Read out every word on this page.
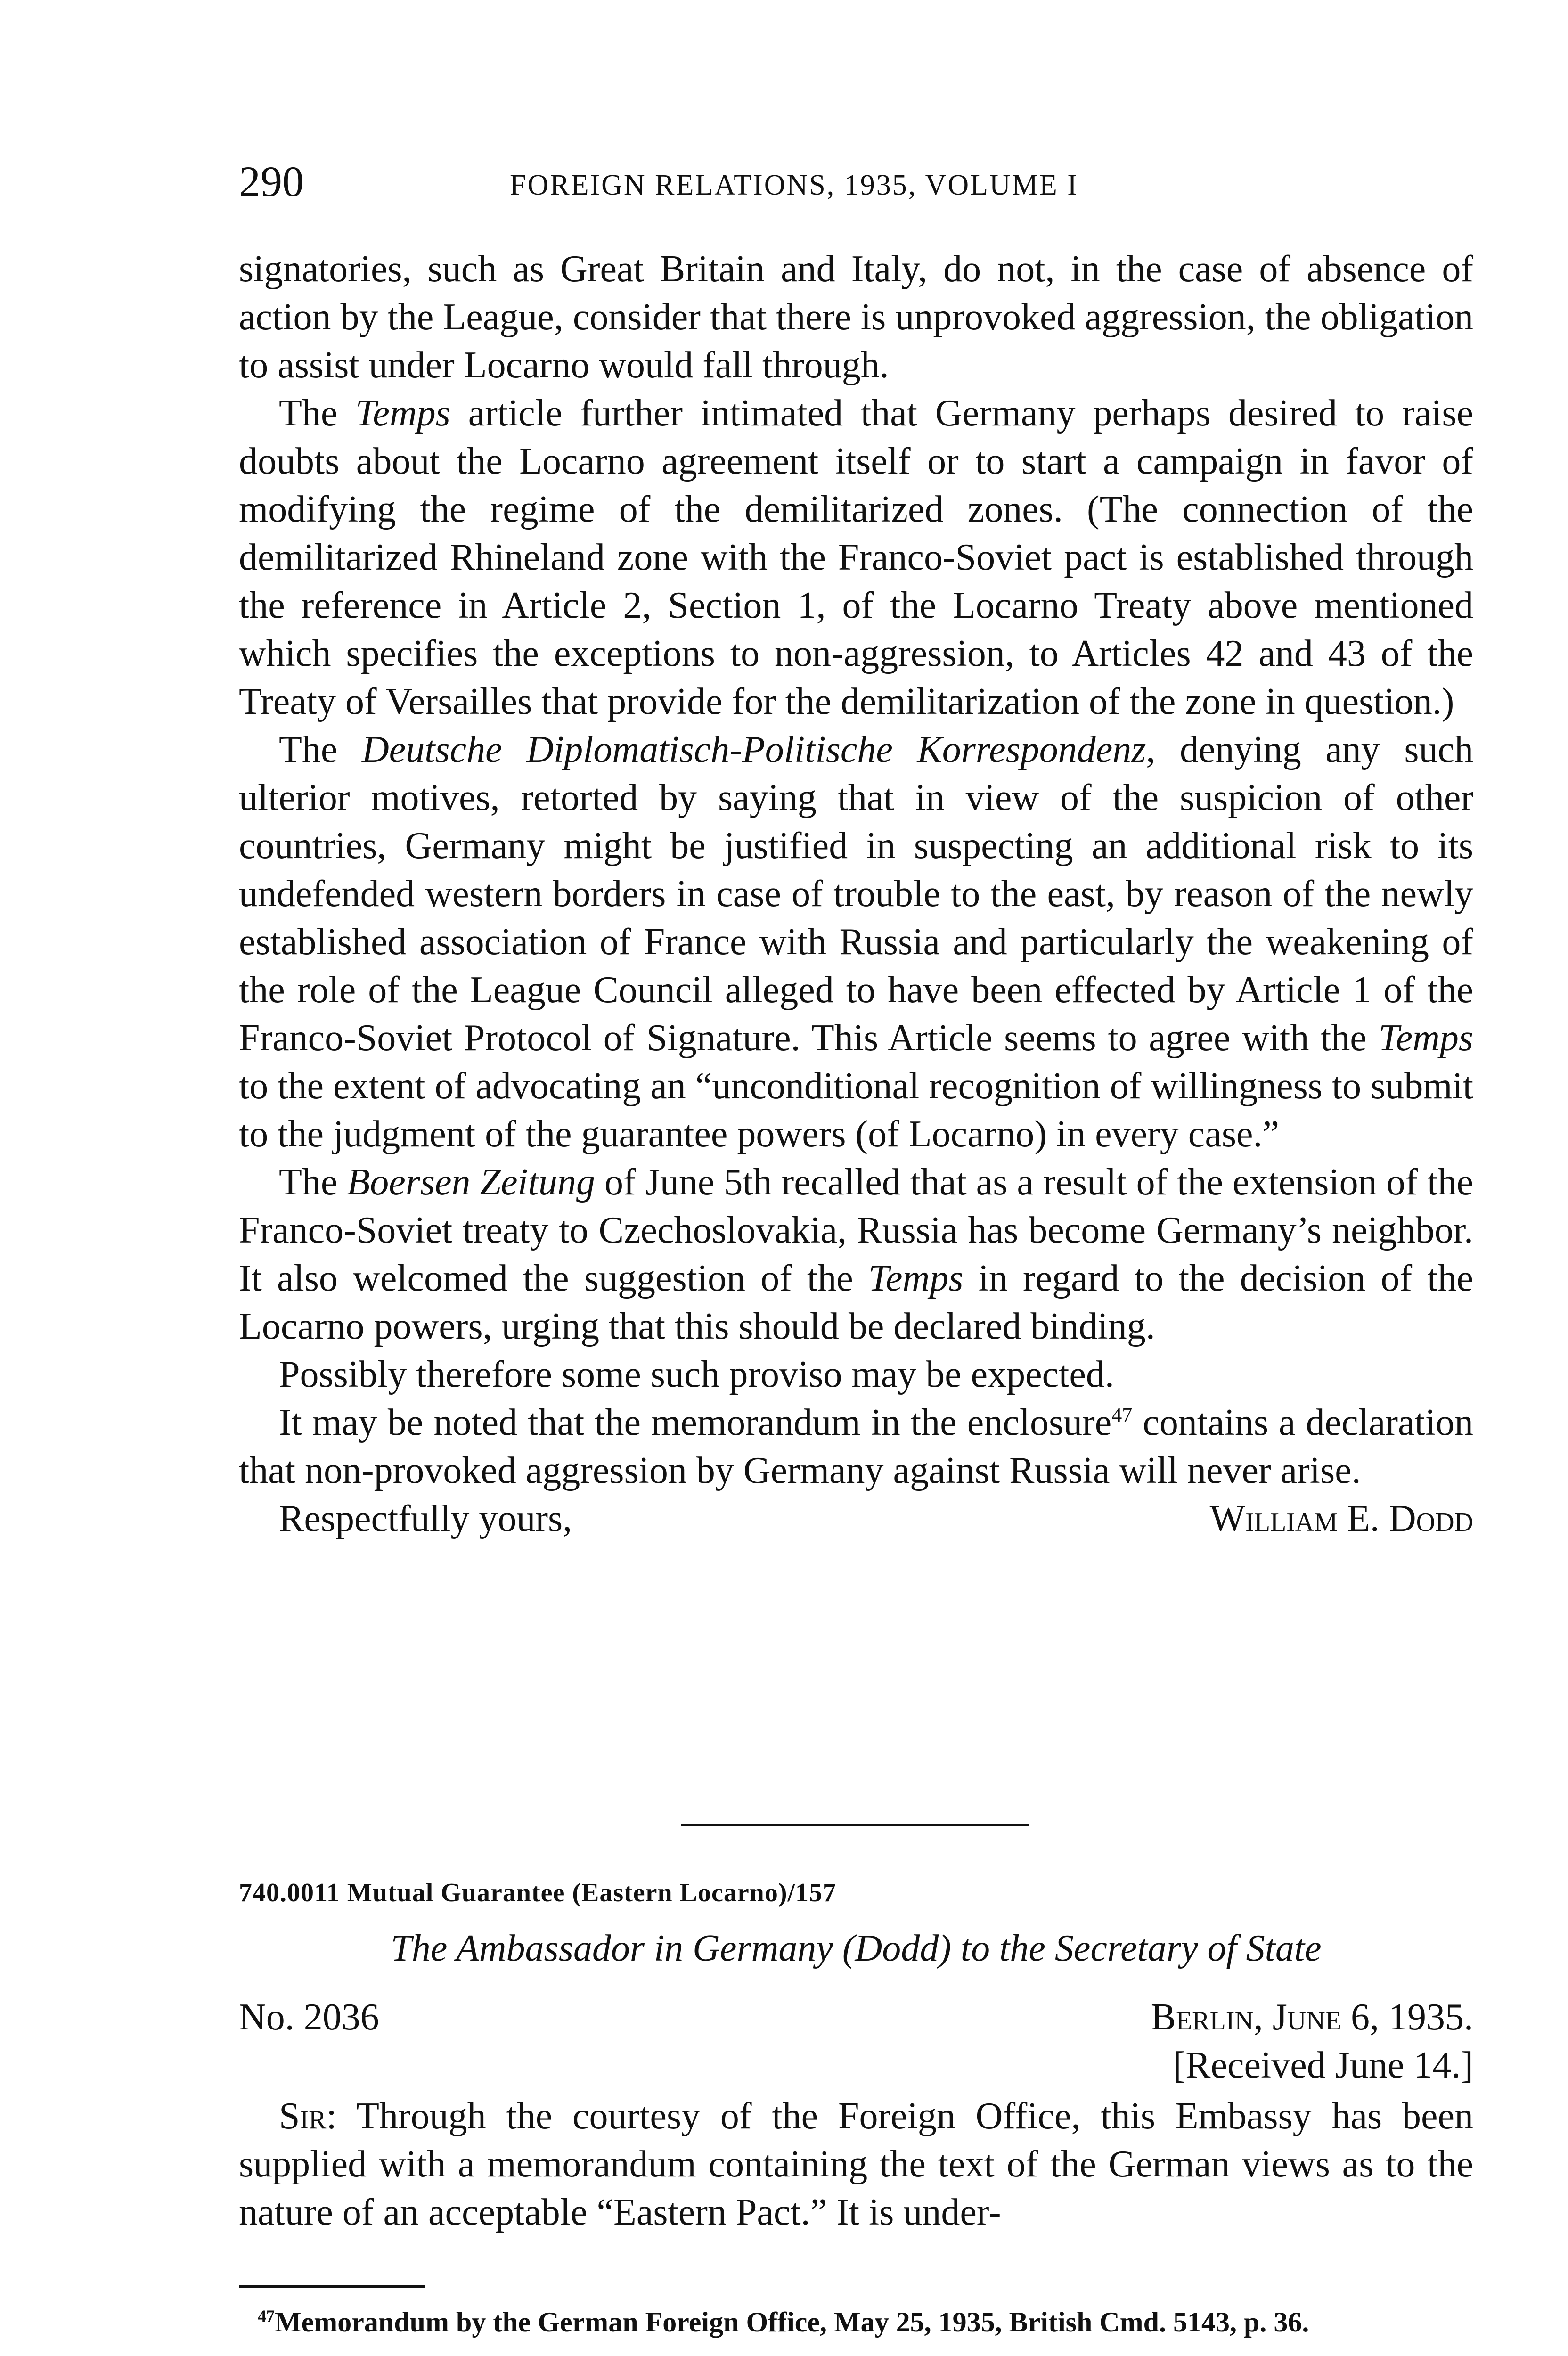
290	FOREIGN RELATIONS, 1935, VOLUME I

signatories, such as Great Britain and Italy, do not, in the case of absence of action by the League, consider that there is unprovoked aggression, the obligation to assist under Locarno would fall through.

The Temps article further intimated that Germany perhaps desired to raise doubts about the Locarno agreement itself or to start a campaign in favor of modifying the regime of the demilitarized zones. (The connection of the demilitarized Rhineland zone with the Franco-Soviet pact is established through the reference in Article 2, Section 1, of the Locarno Treaty above mentioned which specifies the exceptions to non-aggression, to Articles 42 and 43 of the Treaty of Versailles that provide for the demilitarization of the zone in question.)

The Deutsche Diplomatisch-Politische Korrespondenz, denying any such ulterior motives, retorted by saying that in view of the suspicion of other countries, Germany might be justified in suspecting an additional risk to its undefended western borders in case of trouble to the east, by reason of the newly established association of France with Russia and particularly the weakening of the role of the League Council alleged to have been effected by Article 1 of the Franco-Soviet Protocol of Signature. This Article seems to agree with the Temps to the extent of advocating an “unconditional recognition of willingness to submit to the judgment of the guarantee powers (of Locarno) in every case.”

The Boersen Zeitung of June 5th recalled that as a result of the extension of the Franco-Soviet treaty to Czechoslovakia, Russia has become Germany’s neighbor. It also welcomed the suggestion of the Temps in regard to the decision of the Locarno powers, urging that this should be declared binding.

Possibly therefore some such proviso may be expected.

It may be noted that the memorandum in the enclosure$^{47}$ contains a declaration that non-provoked aggression by Germany against Russia will never arise.

Respectfully yours,	William E. Dodd
740.0011 Mutual Guarantee (Eastern Locarno)/157
The Ambassador in Germany (Dodd) to the Secretary of State
No. 2036	Berlin, June 6, 1935.
[Received June 14.]
Sir: Through the courtesy of the Foreign Office, this Embassy has been supplied with a memorandum containing the text of the German views as to the nature of an acceptable “Eastern Pact.” It is under-
$^{47}$Memorandum by the German Foreign Office, May 25, 1935, British Cmd. 5143, p. 36.
